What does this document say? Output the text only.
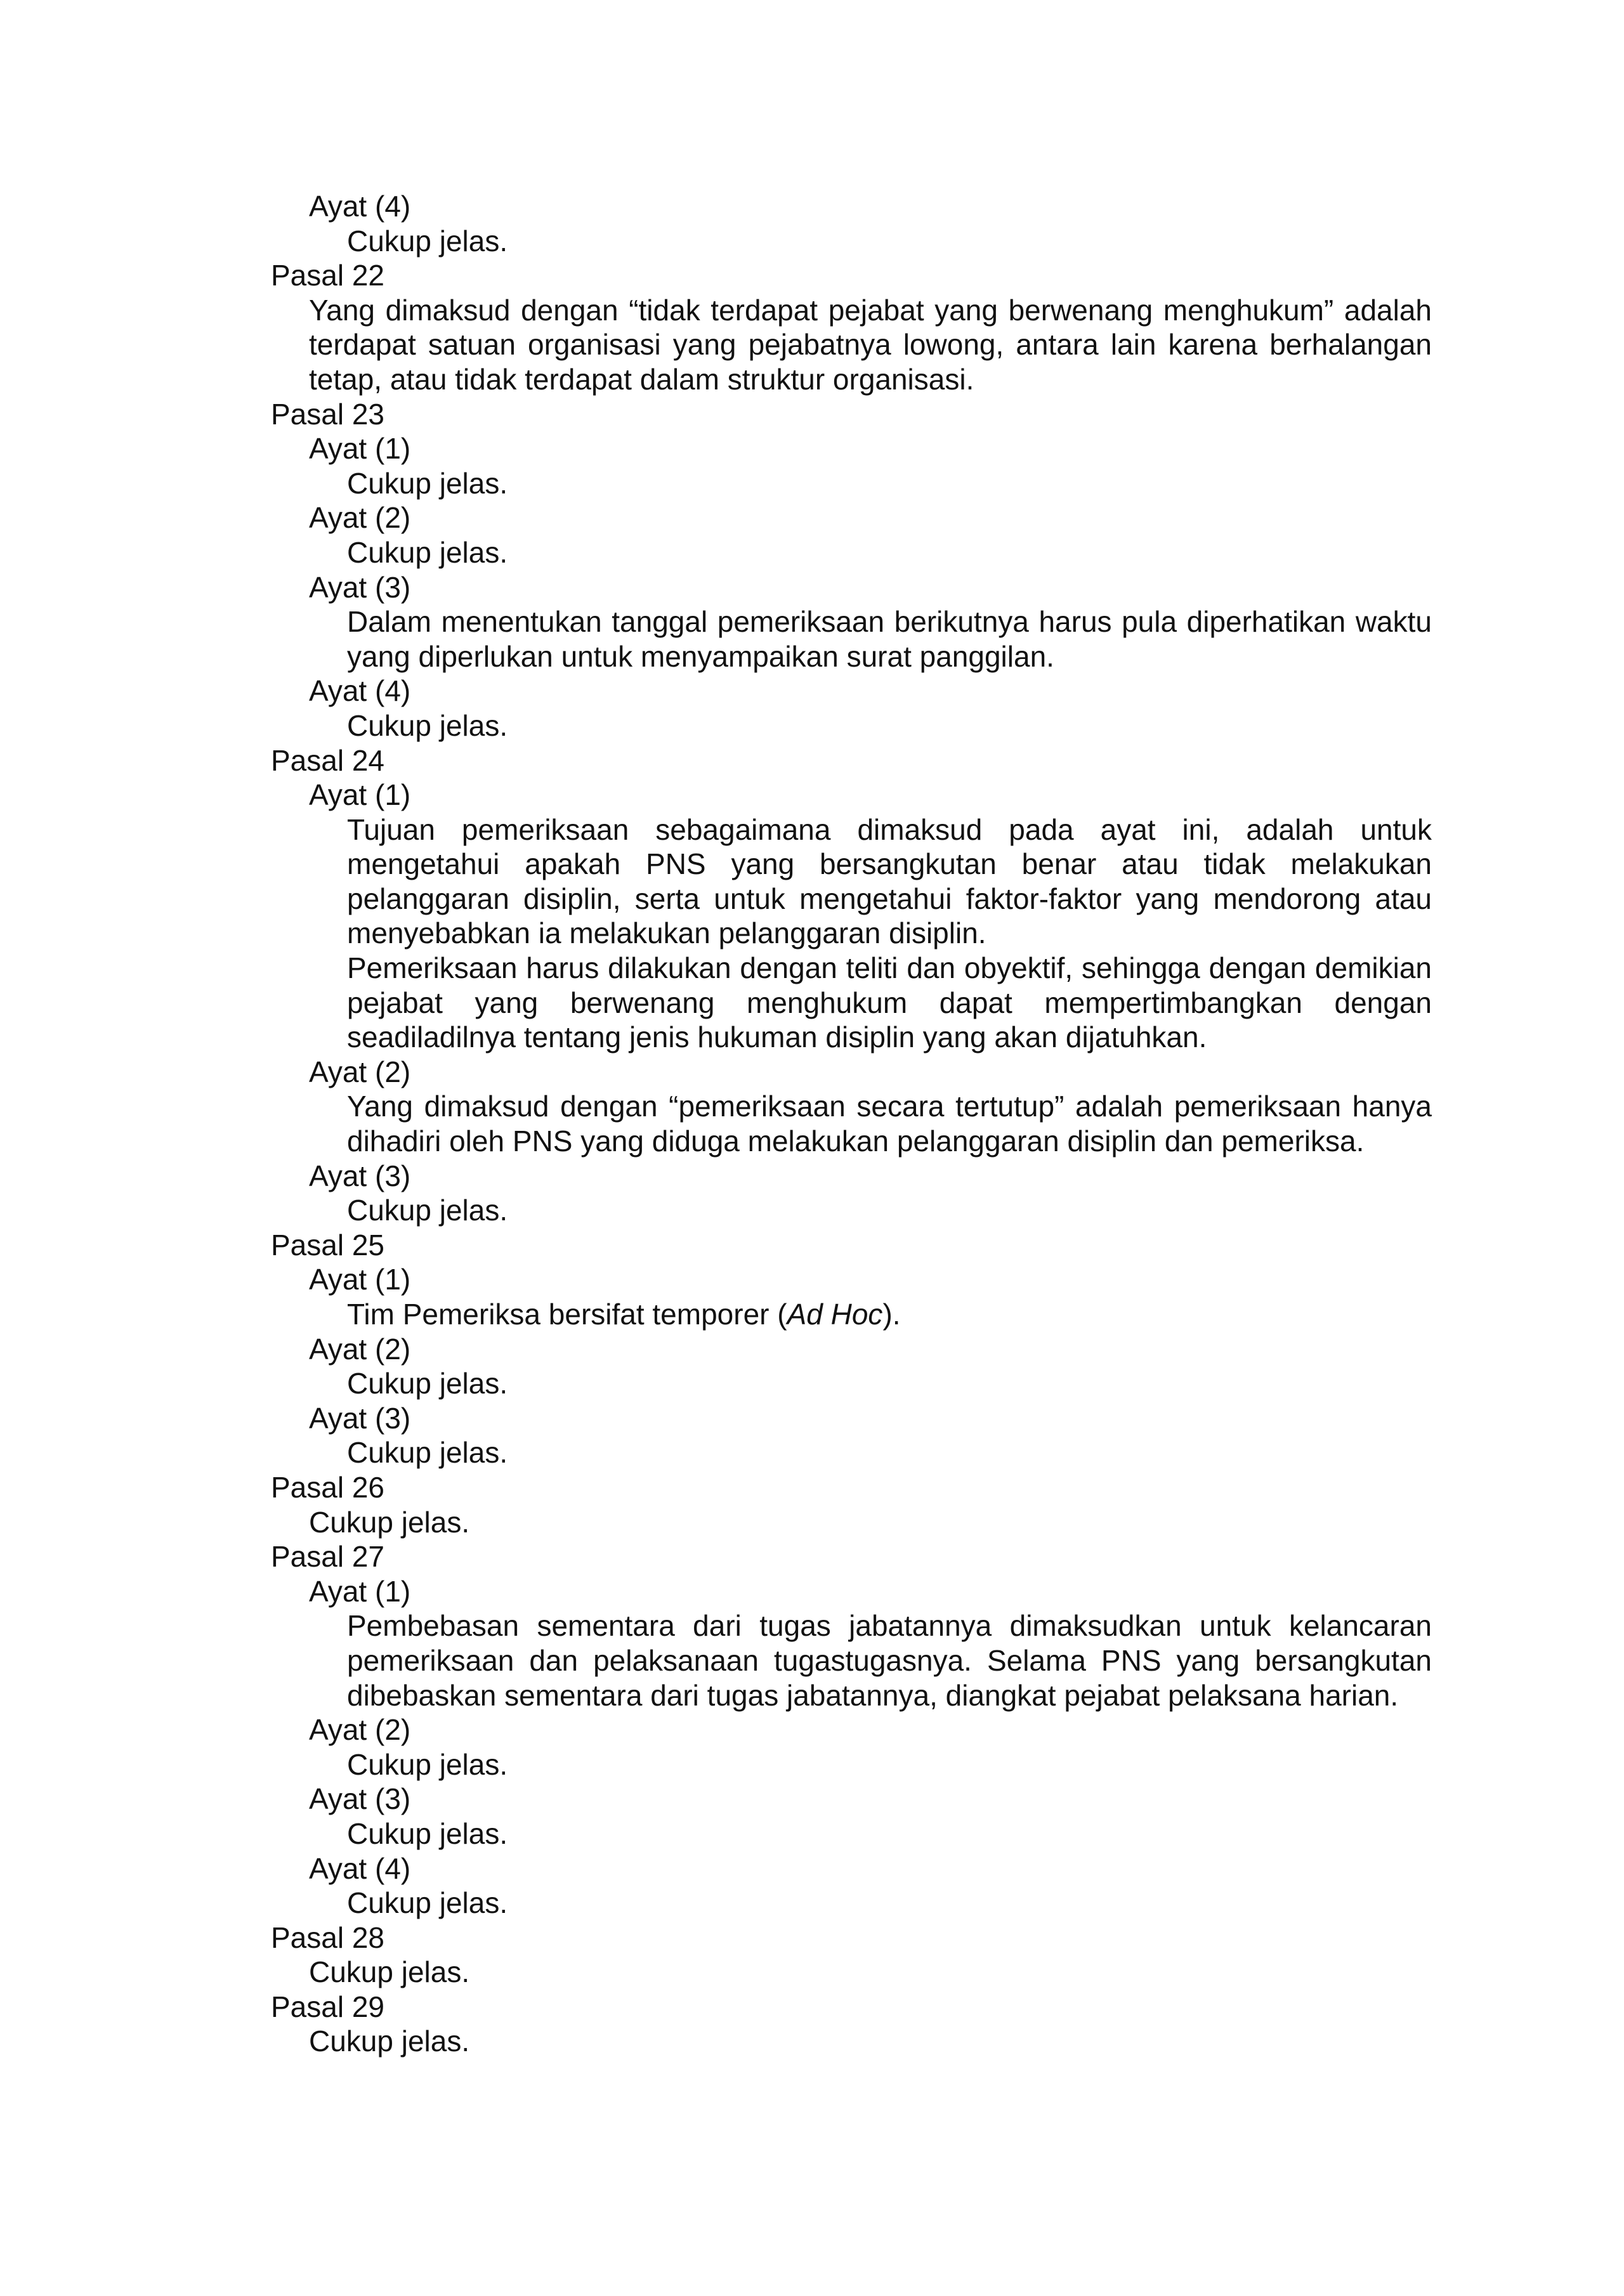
Ayat (4)
Cukup jelas.
Pasal 22
Yang dimaksud dengan “tidak terdapat pejabat yang berwenang menghukum” adalah terdapat satuan organisasi yang pejabatnya lowong, antara lain karena berhalangan tetap, atau tidak terdapat dalam struktur organisasi.
Pasal 23
Ayat (1)
Cukup jelas.
Ayat (2)
Cukup jelas.
Ayat (3)
Dalam menentukan tanggal pemeriksaan berikutnya harus pula diperhatikan waktu yang diperlukan untuk menyampaikan surat panggilan.
Ayat (4)
Cukup jelas.
Pasal 24
Ayat (1)
Tujuan pemeriksaan sebagaimana dimaksud pada ayat ini, adalah untuk mengetahui apakah PNS yang bersangkutan benar atau tidak melakukan pelanggaran disiplin, serta untuk mengetahui faktor-faktor yang mendorong atau menyebabkan ia melakukan pelanggaran disiplin.
Pemeriksaan harus dilakukan dengan teliti dan obyektif, sehingga dengan demikian pejabat yang berwenang menghukum dapat mempertimbangkan dengan seadiladilnya tentang jenis hukuman disiplin yang akan dijatuhkan.
Ayat (2)
Yang dimaksud dengan “pemeriksaan secara tertutup” adalah pemeriksaan hanya dihadiri oleh PNS yang diduga melakukan pelanggaran disiplin dan pemeriksa.
Ayat (3)
Cukup jelas.
Pasal 25
Ayat (1)
Tim Pemeriksa bersifat temporer (Ad Hoc).
Ayat (2)
Cukup jelas.
Ayat (3)
Cukup jelas.
Pasal 26
Cukup jelas.
Pasal 27
Ayat (1)
Pembebasan sementara dari tugas jabatannya dimaksudkan untuk kelancaran pemeriksaan dan pelaksanaan tugastugasnya. Selama PNS yang bersangkutan dibebaskan sementara dari tugas jabatannya, diangkat pejabat pelaksana harian.
Ayat (2)
Cukup jelas.
Ayat (3)
Cukup jelas.
Ayat (4)
Cukup jelas.
Pasal 28
Cukup jelas.
Pasal 29
Cukup jelas.
